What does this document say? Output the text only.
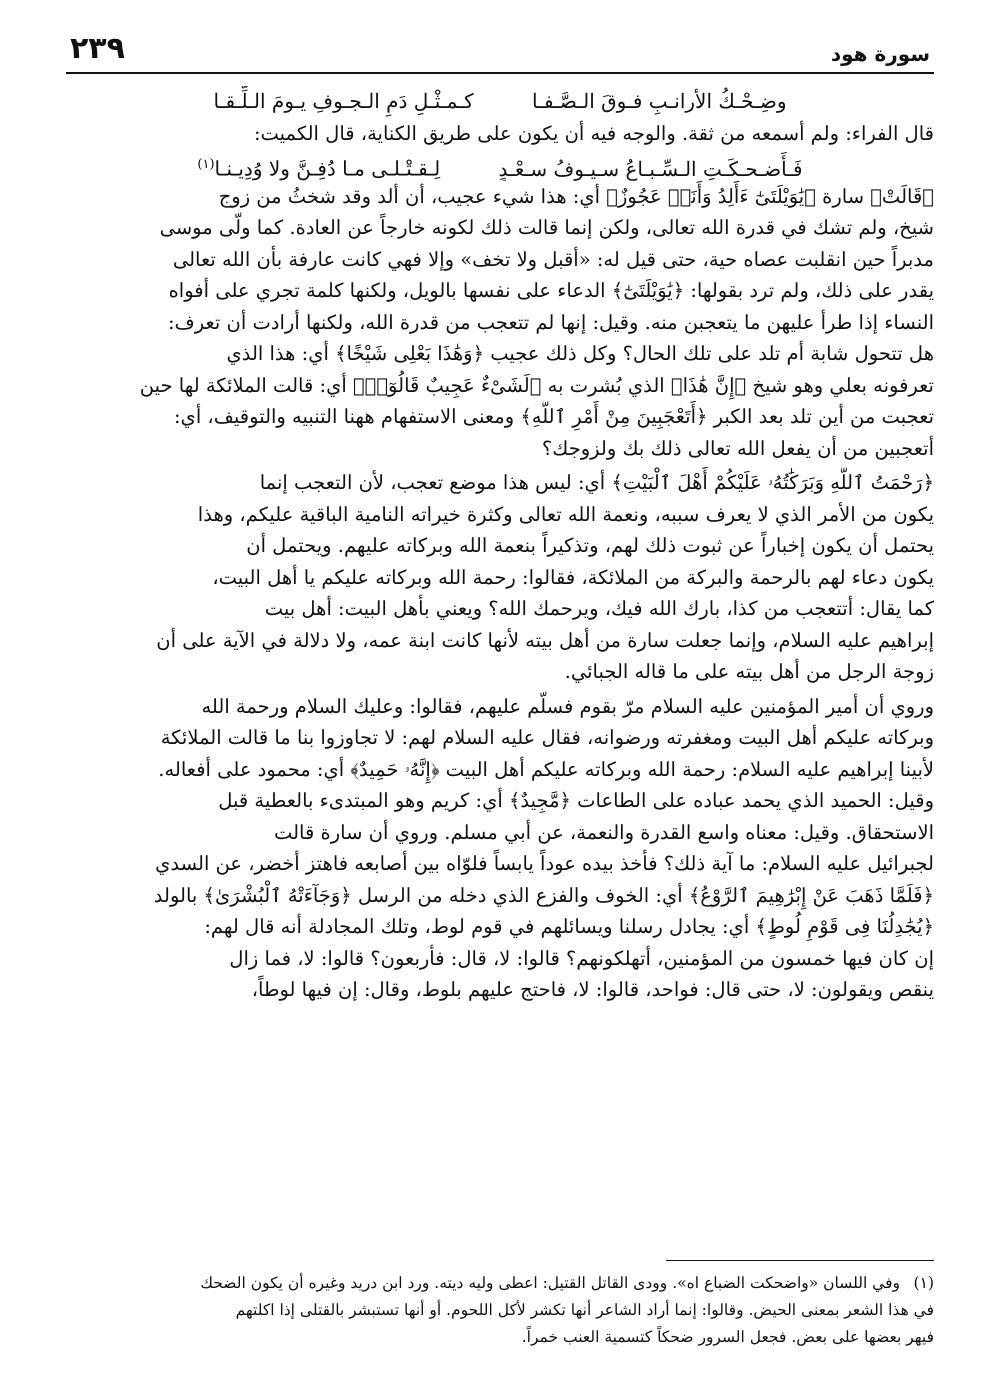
سورة هود
٢٣٩
وضِـحْـكُ الأرانـبِ فـوقَ الـصَّـفـا كـمـثْـلِ دَمِ الـجـوفِ يـومَ الـلِّـقـا
قال الفراء: ولم أسمعه من ثقة. والوجه فيه أن يكون على طريق الكناية، قال الكميت:
فَـأَضـحـكَـتِ الـسِّـبـاعُ سـيـوفُ سـعْـدٍ لِـقـتْـلـى مـا دُفِـنَّ ولا وُدِيـنـا$^{(١)}$
﴿قَالَتْ﴾ سارة ﴿يَٰوَيْلَتَىٰٓ ءَأَلِدُ وَأَنَا۠ عَجُوزٌ﴾ أي: هذا شيء عجيب، أن ألد وقد شخثُ من زوج
شيخ، ولم تشك في قدرة الله تعالى، ولكن إنما قالت ذلك لكونه خارجاً عن العادة. كما ولّى موسى
مدبراً حين انقلبت عصاه حية، حتى قيل له: «أقبل ولا تخف» وإلا فهي كانت عارفة بأن الله تعالى
يقدر على ذلك، ولم ترد بقولها: ﴿يَٰوَيْلَتَىٰٓ﴾ الدعاء على نفسها بالويل، ولكنها كلمة تجري على أفواه
النساء إذا طرأ عليهن ما يتعجبن منه. وقيل: إنها لم تتعجب من قدرة الله، ولكنها أرادت أن تعرف:
هل تتحول شابة أم تلد على تلك الحال؟ وكل ذلك عجيب ﴿وَهَٰذَا بَعْلِى شَيْخًا﴾ أي: هذا الذي
تعرفونه بعلي وهو شيخ ﴿إِنَّ هَٰذَا﴾ الذي بُشرت به ﴿لَشَىْءٌ عَجِيبٌ قَالُوٓا۟﴾ أي: قالت الملائكة لها حين
تعجبت من أين تلد بعد الكبر ﴿أَتَعْجَبِينَ مِنْ أَمْرِ ٱللَّهِ﴾ ومعنى الاستفهام ههنا التنبيه والتوقيف، أي:
أتعجبين من أن يفعل الله تعالى ذلك بك ولزوجك؟
﴿رَحْمَتُ ٱللَّهِ وَبَرَكَٰتُهُۥ عَلَيْكُمْ أَهْلَ ٱلْبَيْتِ﴾ أي: ليس هذا موضع تعجب، لأن التعجب إنما
يكون من الأمر الذي لا يعرف سببه، ونعمة الله تعالى وكثرة خيراته النامية الباقية عليكم، وهذا
يحتمل أن يكون إخباراً عن ثبوت ذلك لهم، وتذكيراً بنعمة الله وبركاته عليهم. ويحتمل أن
يكون دعاء لهم بالرحمة والبركة من الملائكة، فقالوا: رحمة الله وبركاته عليكم يا أهل البيت،
كما يقال: أتتعجب من كذا، بارك الله فيك، ويرحمك الله؟ ويعني بأهل البيت: أهل بيت
إبراهيم عليه السلام، وإنما جعلت سارة من أهل بيته لأنها كانت ابنة عمه، ولا دلالة في الآية على أن
زوجة الرجل من أهل بيته على ما قاله الجبائي.
وروي أن أمير المؤمنين عليه السلام مرّ بقوم فسلّم عليهم، فقالوا: وعليك السلام ورحمة الله
وبركاته عليكم أهل البيت ومغفرته ورضوانه، فقال عليه السلام لهم: لا تجاوزوا بنا ما قالت الملائكة
لأبينا إبراهيم عليه السلام: رحمة الله وبركاته عليكم أهل البيت ﴿إِنَّهُۥ حَمِيدٌ﴾ أي: محمود على أفعاله.
وقيل: الحميد الذي يحمد عباده على الطاعات ﴿مَّجِيدٌ﴾ أي: كريم وهو المبتدىء بالعطية قبل
الاستحقاق. وقيل: معناه واسع القدرة والنعمة، عن أبي مسلم. وروي أن سارة قالت
لجبرائيل عليه السلام: ما آية ذلك؟ فأخذ بيده عوداً يابساً فلوّاه بين أصابعه فاهتز أخضر، عن السدي
﴿فَلَمَّا ذَهَبَ عَنْ إِبْرَٰهِيمَ ٱلرَّوْعُ﴾ أي: الخوف والفزع الذي دخله من الرسل ﴿وَجَآءَتْهُ ٱلْبُشْرَىٰ﴾ بالولد
﴿يُجَٰدِلُنَا فِى قَوْمِ لُوطٍ﴾ أي: يجادل رسلنا ويسائلهم في قوم لوط، وتلك المجادلة أنه قال لهم:
إن كان فيها خمسون من المؤمنين، أتهلكونهم؟ قالوا: لا، قال: فأربعون؟ قالوا: لا، فما زال
ينقص ويقولون: لا، حتى قال: فواحد، قالوا: لا، فاحتج عليهم بلوط، وقال: إن فيها لوطاً،
(١)وفي اللسان «واضحكت الضباع اه». وودى القاتل القتيل: اعطى وليه ديته. ورد ابن دريد وغيره أن يكون الضحك
في هذا الشعر بمعنى الحيض. وقالوا: إنما أراد الشاعر أنها تكشر لأكل اللحوم. أو أنها تستبشر بالقتلى إذا اكلتهم
فيهر بعضها على بعض. فجعل السرور ضحكاً كتسمية العنب خمراً.
